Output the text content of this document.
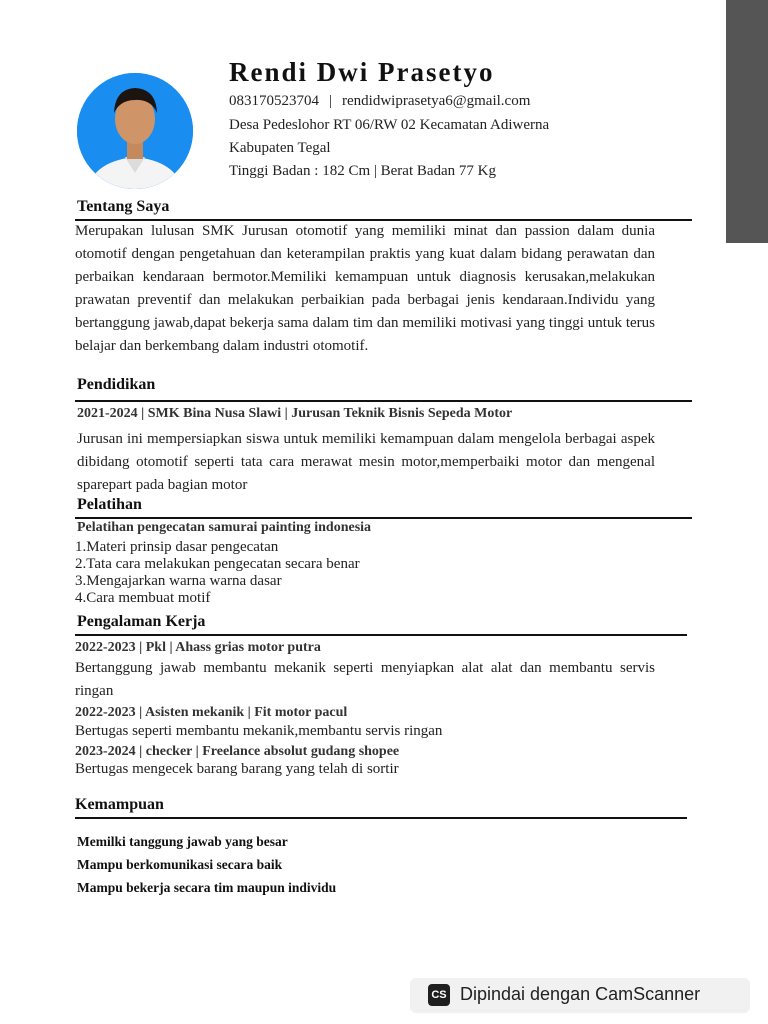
Rendi Dwi Prasetyo
083170523704 | rendidwiprasetya6@gmail.com
Desa Pedeslohor RT 06/RW 02 Kecamatan Adiwerna
Kabupaten Tegal
Tinggi Badan : 182 Cm | Berat Badan 77 Kg
Tentang Saya
Merupakan lulusan SMK Jurusan otomotif yang memiliki minat dan passion dalam dunia otomotif dengan pengetahuan dan keterampilan praktis yang kuat dalam bidang perawatan dan perbaikan kendaraan bermotor.Memiliki kemampuan untuk diagnosis kerusakan,melakukan prawatan preventif dan melakukan perbaikian pada berbagai jenis kendaraan.Individu yang bertanggung jawab,dapat bekerja sama dalam tim dan memiliki motivasi yang tinggi untuk terus belajar dan berkembang dalam industri otomotif.
Pendidikan
2021-2024 | SMK Bina Nusa Slawi | Jurusan Teknik Bisnis Sepeda Motor
Jurusan ini mempersiapkan siswa untuk memiliki kemampuan dalam mengelola berbagai aspek dibidang otomotif seperti tata cara merawat mesin motor,memperbaiki motor dan mengenal sparepart pada bagian motor
Pelatihan
Pelatihan pengecatan samurai painting indonesia
1.Materi prinsip dasar pengecatan
2.Tata cara melakukan pengecatan secara benar
3.Mengajarkan warna warna dasar
4.Cara membuat motif
Pengalaman Kerja
2022-2023 | Pkl | Ahass grias motor putra
Bertanggung jawab membantu mekanik seperti menyiapkan alat alat dan membantu servis ringan
2022-2023 | Asisten mekanik | Fit motor pacul
Bertugas seperti membantu mekanik,membantu servis ringan
2023-2024 | checker | Freelance absolut gudang shopee
Bertugas mengecek barang barang yang telah di sortir
Kemampuan
Memilki tanggung jawab yang besar
Mampu berkomunikasi secara baik
Mampu bekerja secara tim maupun individu
CS Dipindai dengan CamScanner
